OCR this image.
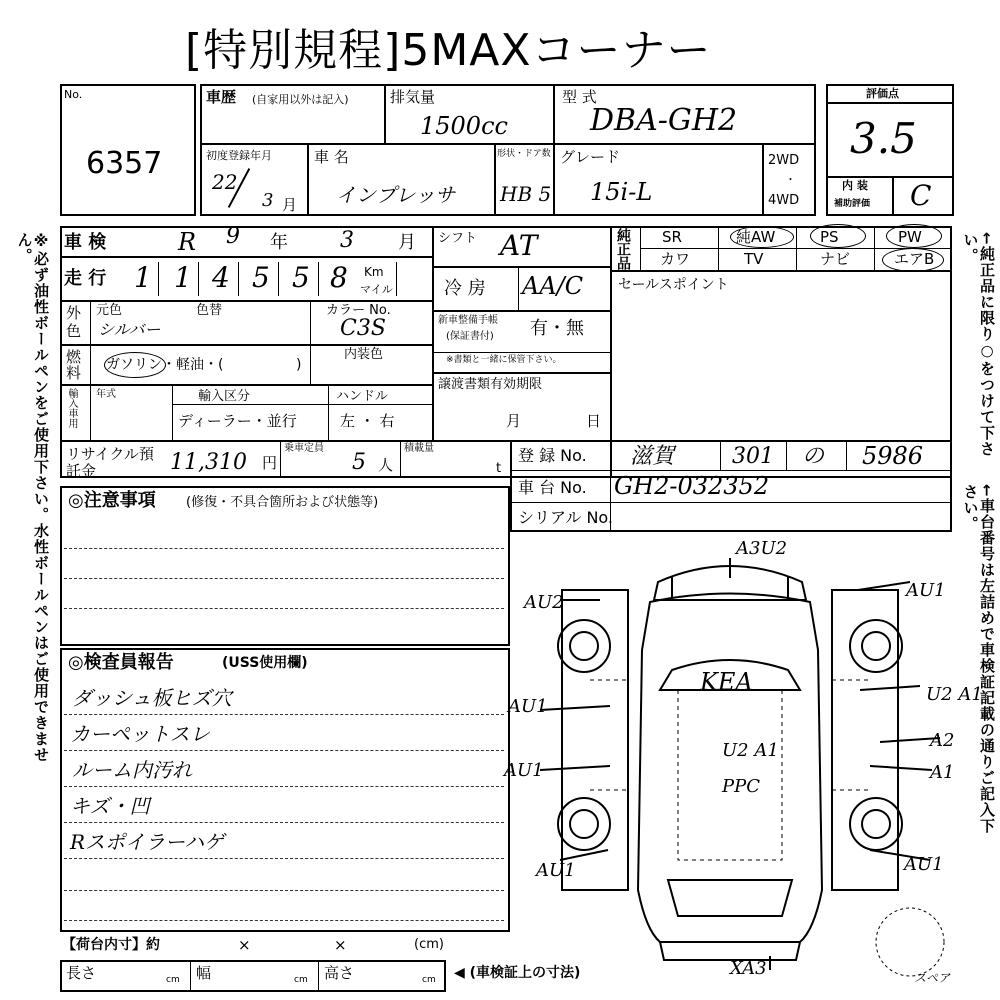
[特別規程]5MAXコーナー
※必ず油性ボールペンをご使用下さい。水性ボールペンはご使用できません。	←純正品に限り○をつけて下さい。
←車台番号は左詰めで車検証記載の通りご記入下さい。
No.
6357
車歴 (自家用以外は記入)	排気量
1500cc
型 式
DBA-GH2
初度登録年月
22
3 月
車 名
インプレッサ
形状・ドア数
HB 5
グレード
15i-L
2WD
・
4WD
評価点
3.5
内 装
補助評価 C
車 検	R 9 年 3 月
走 行 1 1 4 5 5 8 Km
マイル
外
色
元色	色替
シルバー
カラー No.
C3S
燃
料 ガソリン・軽油・(	)
内装色
輸入車用 年式	輸入区分
ディーラー・並行
ハンドル
左 ・ 右
シフト AT
冷 房 AA/C
新車整備手帳
(保証書付) 有・無
※書類と一緒に保管下さい。
譲渡書類有効期限
月	日
純正品 SR	純AW	PS	PW
カワ	TV	ナビ	エアB
セールスポイント
リサイクル預託金	11,310 円
乗車定員
5 人
積載量
t
登 録 No. 滋賀	301 の 5986
車 台 No. GH2-032352
シリアル No.
◎注意事項 (修復・不具合箇所および状態等)
◎検査員報告	(USS使用欄)
ダッシュ板ヒズ穴
カーペットスレ
ルーム内汚れ
キズ・凹
Rスポイラーハゲ
【荷台内寸】約	×	×	(cm)
長さ	cm 幅	cm 高さ	cm ◀ (車検証上の寸法)
A3U2
AU2
AU1
AU1
AU1
U2 A1
A2
A1
AU1	AU1
KEA
U2 A1
PPC
XA3	スペア
